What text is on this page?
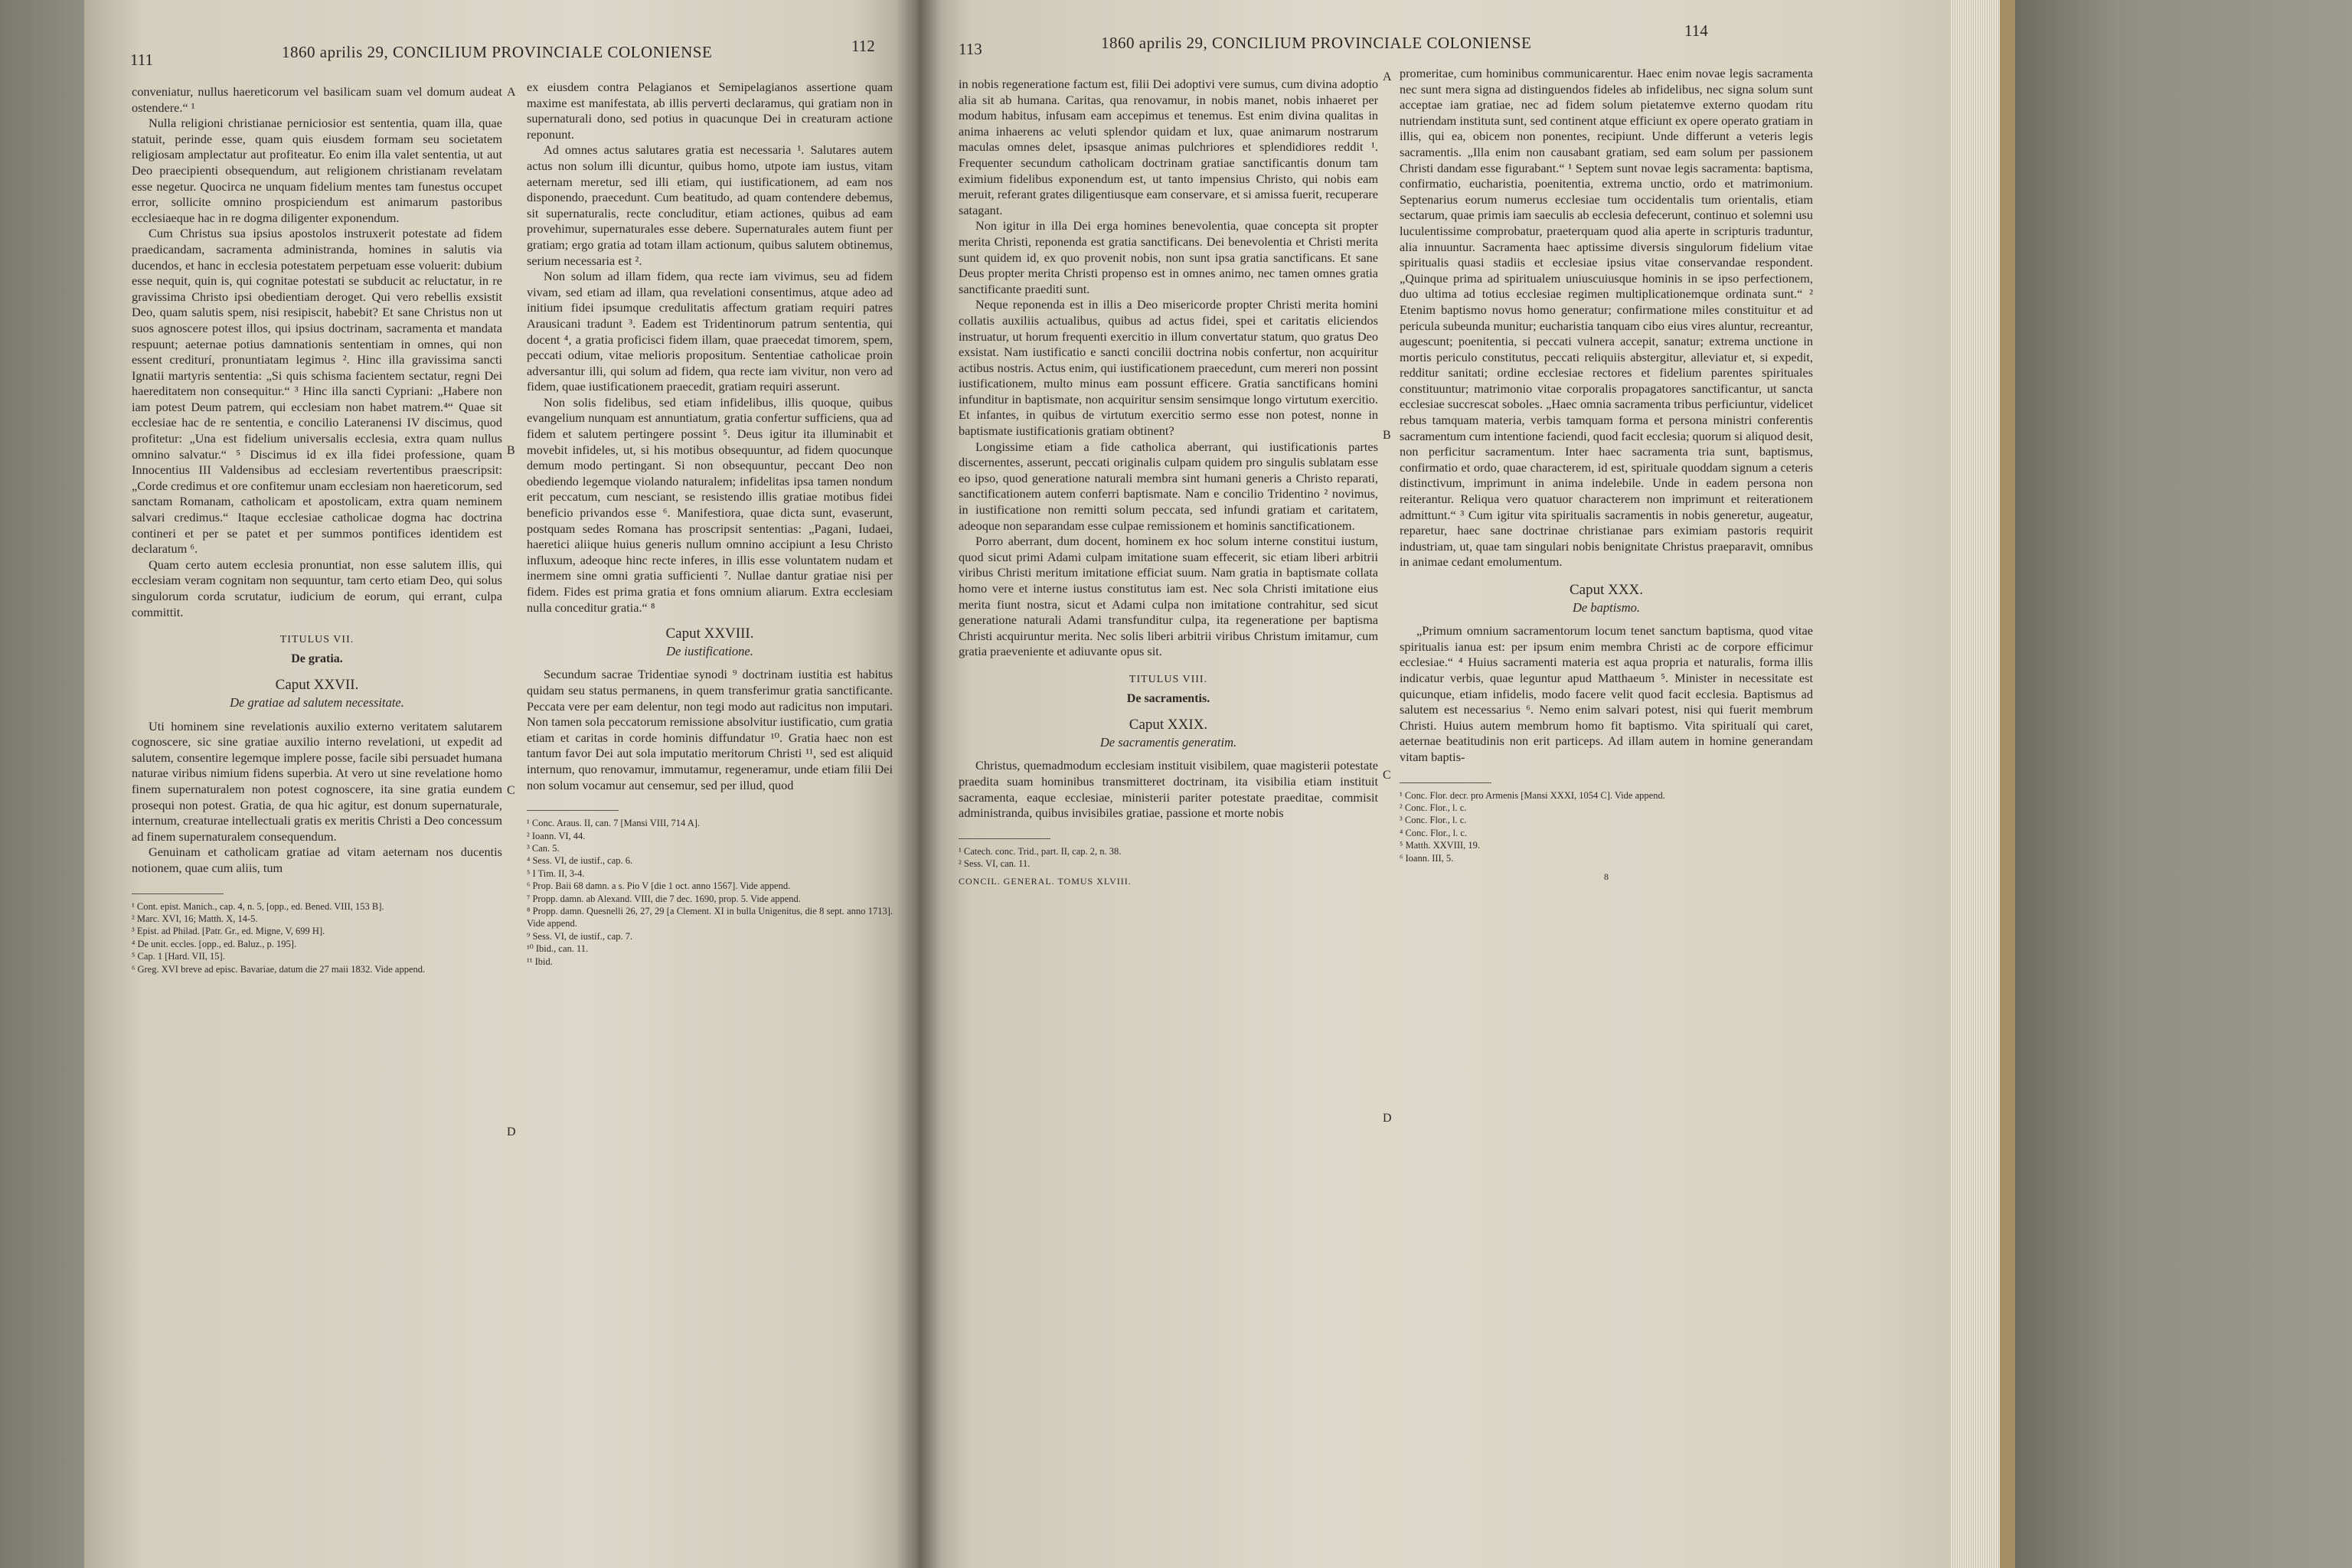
111	1860 aprilis 29, CONCILIUM PROVINCIALE COLONIENSE	112

conveniatur, nullus haereticorum vel basilicam suam vel domum audeat ostendere.“ ¹

Nulla religioni christianae perniciosior est sententia, quam illa, quae statuit, perinde esse, quam quis eiusdem formam seu societatem religiosam amplectatur aut profiteatur. Eo enim illa valet sententia, ut aut Deo praecipienti obsequendum, aut religionem christianam revelatam esse negetur. Quocirca ne unquam fidelium mentes tam funestus occupet error, sollicite omnino prospiciendum est animarum pastoribus ecclesiaeque hac in re dogma diligenter exponendum.

Cum Christus sua ipsius apostolos instruxerit potestate ad fidem praedicandam, sacramenta administranda, homines in salutis via ducendos, et hanc in ecclesia potestatem perpetuam esse voluerit: dubium esse nequit, quin is, qui cognitae potestati se subducit ac reluctatur, in re gravissima Christo ipsi obedientiam deroget. Qui vero rebellis exsistit Deo, quam salutis spem, nisi resipiscit, habebit? Et sane Christus non ut suos agnoscere potest illos, qui ipsius doctrinam, sacramenta et mandata respuunt; aeternae potius damnationis sententiam in omnes, qui non essent crediturí, pronuntiatam legimus ². Hinc illa gravissima sancti Ignatii martyris sententia: „Si quis schisma facientem sectatur, regni Dei haereditatem non consequitur.“ ³ Hinc illa sancti Cypriani: „Habere non iam potest Deum patrem, qui ecclesiam non habet matrem.⁴“ Quae sit ecclesiae hac de re sententia, e concilio Lateranensi IV discimus, quod profitetur: „Una est fidelium universalis ecclesia, extra quam nullus omnino salvatur.“ ⁵ Discimus id ex illa fidei professione, quam Innocentius III Valdensibus ad ecclesiam revertentibus praescripsit: „Corde credimus et ore confitemur unam ecclesiam non haereticorum, sed sanctam Romanam, catholicam et apostolicam, extra quam neminem salvari credimus.“ Itaque ecclesiae catholicae dogma hac doctrina contineri et per se patet et per summos pontifices identidem est declaratum ⁶.

Quam certo autem ecclesia pronuntiat, non esse salutem illis, qui ecclesiam veram cognitam non sequuntur, tam certo etiam Deo, qui solus singulorum corda scrutatur, iudicium de eorum, qui errant, culpa committit.

TITULUS VII.
De gratia.
Caput XXVII.
De gratiae ad salutem necessitate.

Uti hominem sine revelationis auxilio externo veritatem salutarem cognoscere, sic sine gratiae auxilio interno revelationi, ut expedit ad salutem, consentire legemque implere posse, facile sibi persuadet humana naturae viribus nimium fidens superbia. At vero ut sine revelatione homo finem supernaturalem non potest cognoscere, ita sine gratia eundem prosequi non potest. Gratia, de qua hic agitur, est donum supernaturale, internum, creaturae intellectuali gratis ex meritis Christi a Deo concessum ad finem supernaturalem consequendum.

Genuinam et catholicam gratiae ad vitam aeternam nos ducentis notionem, quae cum aliis, tum

¹ Cont. epist. Manich., cap. 4, n. 5, [opp., ed. Bened. VIII, 153 B].
² Marc. XVI, 16; Matth. X, 14-5.
³ Epist. ad Philad. [Patr. Gr., ed. Migne, V, 699 H].
⁴ De unit. eccles. [opp., ed. Baluz., p. 195].
⁵ Cap. 1 [Hard. VII, 15].
⁶ Greg. XVI breve ad episc. Bavariae, datum die 27 maii 1832. Vide append.
A
B
C
D

ex eiusdem contra Pelagianos et Semipelagianos assertione quam maxime est manifestata, ab illis perverti declaramus, qui gratiam non in supernaturali dono, sed potius in quacunque Dei in creaturam actione reponunt.

Ad omnes actus salutares gratia est necessaria ¹. Salutares autem actus non solum illi dicuntur, quibus homo, utpote iam iustus, vitam aeternam meretur, sed illi etiam, qui iustificationem, ad eam nos disponendo, praecedunt. Cum beatitudo, ad quam contendere debemus, sit supernaturalis, recte concluditur, etiam actiones, quibus ad eam provehimur, supernaturales esse debere. Supernaturales autem fiunt per gratiam; ergo gratia ad totam illam actionum, quibus salutem obtinemus, serium necessaria est ².

Non solum ad illam fidem, qua recte iam vivimus, seu ad fidem vivam, sed etiam ad illam, qua revelationi consentimus, atque adeo ad initium fidei ipsumque credulitatis affectum gratiam requiri patres Arausicani tradunt ³. Eadem est Tridentinorum patrum sententia, qui docent ⁴, a gratia proficisci fidem illam, quae praecedat timorem, spem, peccati odium, vitae melioris propositum. Sententiae catholicae proin adversantur illi, qui solum ad fidem, qua recte iam vivitur, non vero ad fidem, quae iustificationem praecedit, gratiam requiri asserunt.

Non solis fidelibus, sed etiam infidelibus, illis quoque, quibus evangelium nunquam est annuntiatum, gratia confertur sufficiens, qua ad fidem et salutem pertingere possint ⁵. Deus igitur ita illuminabit et movebit infideles, ut, si his motibus obsequuntur, ad fidem quocunque demum modo pertingant. Si non obsequuntur, peccant Deo non obediendo legemque violando naturalem; infidelitas ipsa tamen nondum erit peccatum, cum nesciant, se resistendo illis gratiae motibus fidei beneficio privandos esse ⁶. Manifestiora, quae dicta sunt, evaserunt, postquam sedes Romana has proscripsit sententias: „Pagani, Iudaei, haeretici aliique huius generis nullum omnino accipiunt a Iesu Christo influxum, adeoque hinc recte inferes, in illis esse voluntatem nudam et inermem sine omni gratia sufficienti ⁷. Nullae dantur gratiae nisi per fidem. Fides est prima gratia et fons omnium aliarum. Extra ecclesiam nulla conceditur gratia.“ ⁸

Caput XXVIII.
De iustificatione.

Secundum sacrae Tridentiae synodi ⁹ doctrinam iustitia est habitus quidam seu status permanens, in quem transferimur gratia sanctificante. Peccata vere per eam delentur, non tegi modo aut radicitus non imputari. Non tamen sola peccatorum remissione absolvitur iustificatio, cum gratia etiam et caritas in corde hominis diffundatur ¹⁰. Gratia haec non est tantum favor Dei aut sola imputatio meritorum Christi ¹¹, sed est aliquid internum, quo renovamur, immutamur, regeneramur, unde etiam filii Dei non solum vocamur aut censemur, sed per illud, quod

¹ Conc. Araus. II, can. 7 [Mansi VIII, 714 A].
² Ioann. VI, 44.
³ Can. 5.
⁴ Sess. VI, de iustif., cap. 6.
⁵ I Tim. II, 3-4.
⁶ Prop. Baii 68 damn. a s. Pio V [die 1 oct. anno 1567]. Vide append.
⁷ Propp. damn. ab Alexand. VIII, die 7 dec. 1690, prop. 5. Vide append.
⁸ Propp. damn. Quesnelli 26, 27, 29 [a Clement. XI in bulla Unigenitus, die 8 sept. anno 1713]. Vide append.
⁹ Sess. VI, de iustif., cap. 7.
¹⁰ Ibid., can. 11.
¹¹ Ibid.
113	1860 aprilis 29, CONCILIUM PROVINCIALE COLONIENSE
114

in nobis regeneratione factum est, filii Dei adoptivi vere sumus, cum divina adoptio alia sit ab humana. Caritas, qua renovamur, in nobis manet, nobis inhaeret per modum habitus, infusam eam accepimus et tenemus. Est enim divina qualitas in anima inhaerens ac veluti splendor quidam et lux, quae animarum nostrarum maculas omnes delet, ipsasque animas pulchriores et splendidiores reddit ¹. Frequenter secundum catholicam doctrinam gratiae sanctificantis donum tam eximium fidelibus exponendum est, ut tanto impensius Christo, qui nobis eam meruit, referant grates diligentiusque eam conservare, et si amissa fuerit, recuperare satagant.

Non igitur in illa Dei erga homines benevolentia, quae concepta sit propter merita Christi, reponenda est gratia sanctificans. Dei benevolentia et Christi merita sunt quidem id, ex quo provenit nobis, non sunt ipsa gratia sanctificans. Et sane Deus propter merita Christi propenso est in omnes animo, nec tamen omnes gratia sanctificante praediti sunt.

Neque reponenda est in illis a Deo misericorde propter Christi merita homini collatis auxiliis actualibus, quibus ad actus fidei, spei et caritatis eliciendos instruatur, ut horum frequenti exercitio in illum convertatur statum, quo gratus Deo exsistat. Nam iustificatio e sancti concilii doctrina nobis confertur, non acquiritur actibus nostris. Actus enim, qui iustificationem praecedunt, cum mereri non possint iustificationem, multo minus eam possunt efficere. Gratia sanctificans homini infunditur in baptismate, non acquiritur sensim sensimque longo virtutum exercitio. Et infantes, in quibus de virtutum exercitio sermo esse non potest, nonne in baptismate iustificationis gratiam obtinent?

Longissime etiam a fide catholica aberrant, qui iustificationis partes discernentes, asserunt, peccati originalis culpam quidem pro singulis sublatam esse eo ipso, quod generatione naturali membra sint humani generis a Christo reparati, sanctificationem autem conferri baptismate. Nam e concilio Tridentino ² novimus, in iustificatione non remitti solum peccata, sed infundi gratiam et caritatem, adeoque non separandam esse culpae remissionem et hominis sanctificationem.

Porro aberrant, dum docent, hominem ex hoc solum interne constitui iustum, quod sicut primi Adami culpam imitatione suam effecerit, sic etiam liberi arbitrii viribus Christi meritum imitatione efficiat suum. Nam gratia in baptismate collata homo vere et interne iustus constitutus iam est. Nec sola Christi imitatione eius merita fiunt nostra, sicut et Adami culpa non imitatione contrahitur, sed sicut generatione naturali Adami transfunditur culpa, ita regeneratione per baptisma Christi acquiruntur merita. Nec solis liberi arbitrii viribus Christum imitamur, cum gratia praeveniente et adiuvante opus sit.

TITULUS VIII.
De sacramentis.
Caput XXIX.
De sacramentis generatim.

Christus, quemadmodum ecclesiam instituit visibilem, quae magisterii potestate praedita suam hominibus transmitteret doctrinam, ita visibilia etiam instituit sacramenta, eaque ecclesiae, ministerii pariter potestate praeditae, commisit administranda, quibus invisibiles gratiae, passione et morte nobis

¹ Catech. conc. Trid., part. II, cap. 2, n. 38.
² Sess. VI, can. 11.
CONCIL. GENERAL. TOMUS XLVIII.
A
B
C
D

promeritae, cum hominibus communicarentur. Haec enim novae legis sacramenta nec sunt mera signa ad distinguendos fideles ab infidelibus, nec signa solum sunt acceptae iam gratiae, nec ad fidem solum pietatemve externo quodam ritu nutriendam instituta sunt, sed continent atque efficiunt ex opere operato gratiam in illis, qui ea, obicem non ponentes, recipiunt. Unde differunt a veteris legis sacramentis. „Illa enim non causabant gratiam, sed eam solum per passionem Christi dandam esse figurabant.“ ¹ Septem sunt novae legis sacramenta: baptisma, confirmatio, eucharistia, poenitentia, extrema unctio, ordo et matrimonium. Septenarius eorum numerus ecclesiae tum occidentalis tum orientalis, etiam sectarum, quae primis iam saeculis ab ecclesia defecerunt, continuo et solemni usu luculentissime comprobatur, praeterquam quod alia aperte in scripturis traduntur, alia innuuntur. Sacramenta haec aptissime diversis singulorum fidelium vitae spiritualis quasi stadiis et ecclesiae ipsius vitae conservandae respondent. „Quinque prima ad spiritualem uniuscuiusque hominis in se ipso perfectionem, duo ultima ad totius ecclesiae regimen multiplicationemque ordinata sunt.“ ² Etenim baptismo novus homo generatur; confirmatione miles constituitur et ad pericula subeunda munitur; eucharistia tanquam cibo eius vires aluntur, recreantur, augescunt; poenitentia, si peccati vulnera accepit, sanatur; extrema unctione in mortis periculo constitutus, peccati reliquiis abstergitur, alleviatur et, si expedit, redditur sanitati; ordine ecclesiae rectores et fidelium parentes spirituales constituuntur; matrimonio vitae corporalis propagatores sanctificantur, ut sancta ecclesiae succrescat soboles. „Haec omnia sacramenta tribus perficiuntur, videlicet rebus tamquam materia, verbis tamquam forma et persona ministri conferentis sacramentum cum intentione faciendi, quod facit ecclesia; quorum si aliquod desit, non perficitur sacramentum. Inter haec sacramenta tria sunt, baptismus, confirmatio et ordo, quae characterem, id est, spirituale quoddam signum a ceteris distinctivum, imprimunt in anima indelebile. Unde in eadem persona non reiterantur. Reliqua vero quatuor characterem non imprimunt et reiterationem admittunt.“ ³ Cum igitur vita spiritualis sacramentis in nobis generetur, augeatur, reparetur, haec sane doctrinae christianae pars eximiam pastoris requirit industriam, ut, quae tam singulari nobis benignitate Christus praeparavit, omnibus in animae cedant emolumentum.

Caput XXX.
De baptismo.

„Primum omnium sacramentorum locum tenet sanctum baptisma, quod vitae spiritualis ianua est: per ipsum enim membra Christi ac de corpore efficimur ecclesiae.“ ⁴ Huius sacramenti materia est aqua propria et naturalis, forma illis indicatur verbis, quae leguntur apud Matthaeum ⁵. Minister in necessitate est quicunque, etiam infidelis, modo facere velit quod facit ecclesia. Baptismus ad salutem est necessarius ⁶. Nemo enim salvari potest, nisi qui fuerit membrum Christi. Huius autem membrum homo fit baptismo. Vita spiritualí qui caret, aeternae beatitudinis non erit particeps. Ad illam autem in homine generandam vitam baptis-

¹ Conc. Flor. decr. pro Armenis [Mansi XXXI, 1054 C]. Vide append.
² Conc. Flor., l. c.
³ Conc. Flor., l. c.
⁴ Conc. Flor., l. c.
⁵ Matth. XXVIII, 19.
⁶ Ioann. III, 5.
8
